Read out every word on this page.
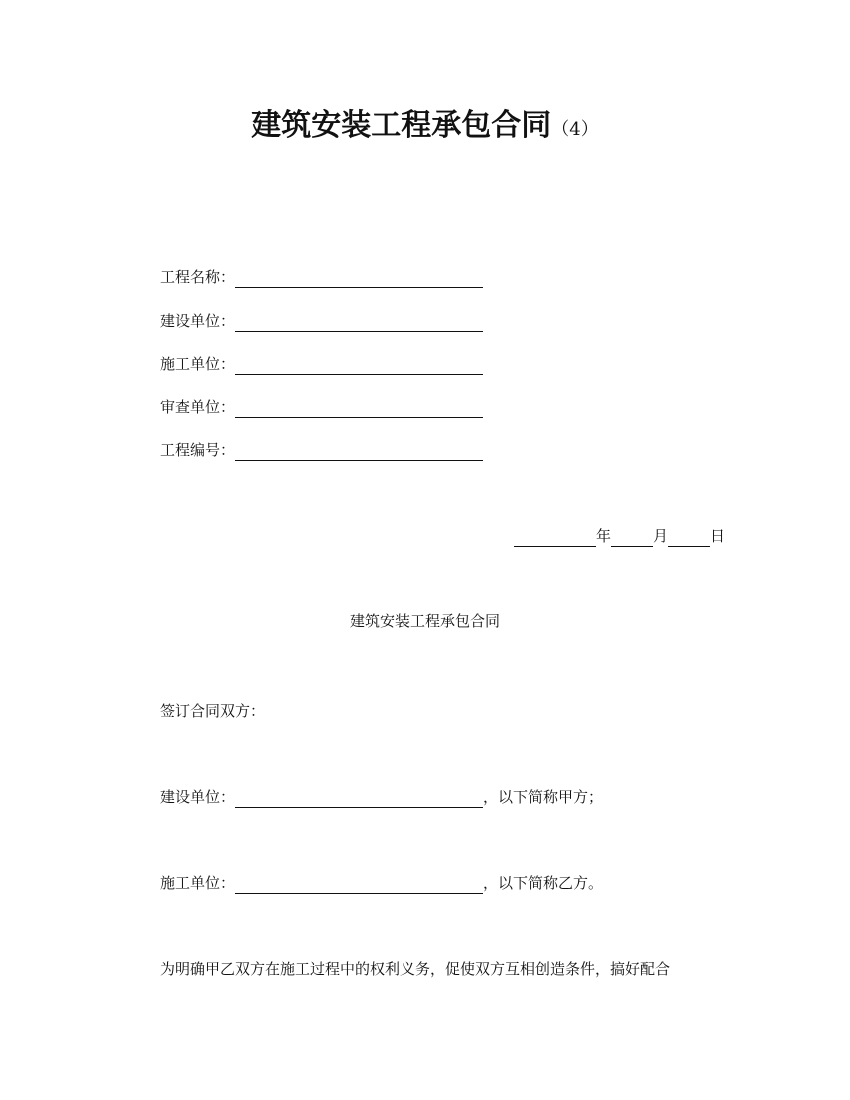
建筑安装工程承包合同（4）
工程名称：
建设单位：
施工单位：
审查单位：
工程编号：
年	月	日
建筑安装工程承包合同
签订合同双方：
建设单位：	，以下简称甲方；
施工单位：	，以下简称乙方。
为明确甲乙双方在施工过程中的权利义务，促使双方互相创造条件，搞好配合
